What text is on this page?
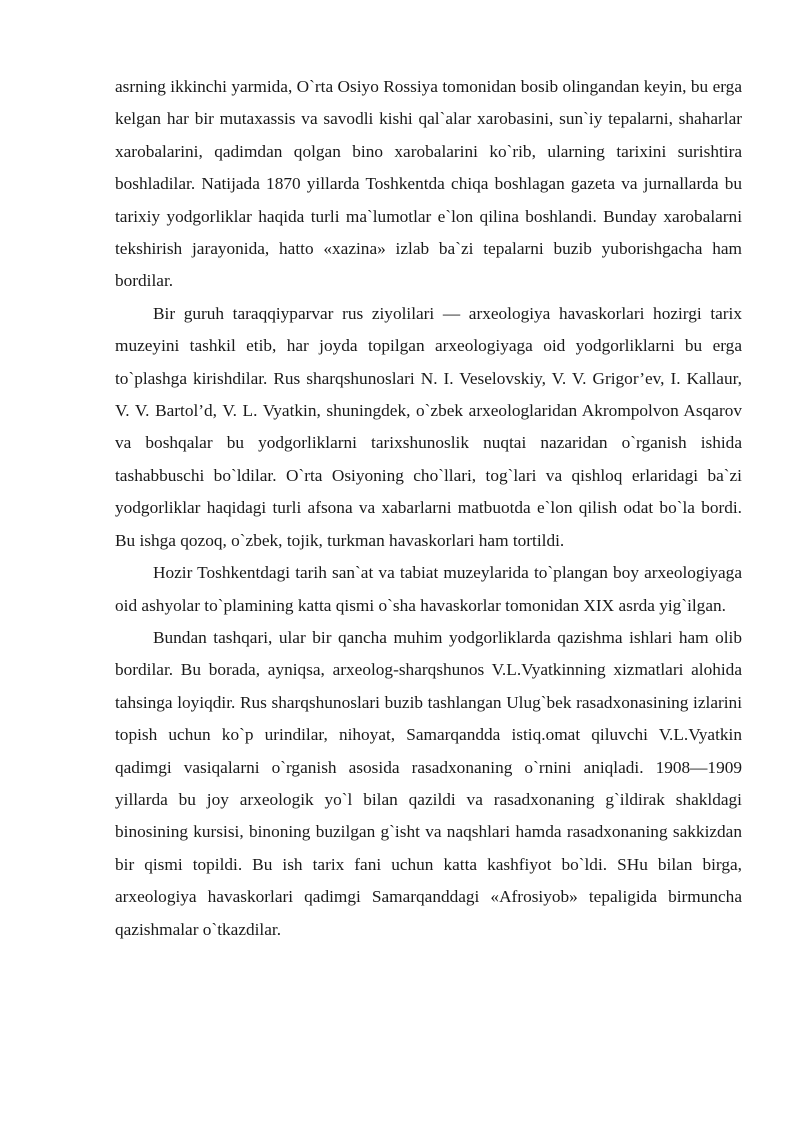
asrning ikkinchi yarmida, O`rta Osiyo Rossiya tomonidan bosib olingandan keyin, bu erga kelgan har bir mutaxassis va savodli kishi qal`alar xarobasini, sun`iy tepalarni, shaharlar xarobalarini, qadimdan qolgan bino xarobalarini ko`rib, ularning tarixini surishtira boshladilar. Natijada 1870 yillarda Toshkentda chiqa boshlagan gazeta va jurnallarda bu tarixiy yodgorliklar haqida turli ma`lumotlar e`lon qilina boshlandi. Bunday xarobalarni tekshirish jarayonida, hatto «xazina» izlab ba`zi tepalarni buzib yuborishgacha ham bordilar.

Bir guruh taraqqiyparvar rus ziyolilari — arxeologiya havaskorlari hozirgi tarix muzeyini tashkil etib, har joyda topilgan arxeologiyaga oid yodgorliklarni bu erga to`plashga kirishdilar. Rus sharqshunoslari N. I. Veselovskiy, V. V. Grigor’ev, I. Kallaur, V. V. Bartol’d, V. L. Vyatkin, shuningdek, o`zbek arxeologlaridan Akrompolvon Asqarov va boshqalar bu yodgorliklarni tarixshunoslik nuqtai nazaridan o`rganish ishida tashabbuschi bo`ldilar. O`rta Osiyoning cho`llari, tog`lari va qishloq erlaridagi ba`zi yodgorliklar haqidagi turli afsona va xabarlarni matbuotda e`lon qilish odat bo`la bordi. Bu ishga qozoq, o`zbek, tojik, turkman havaskorlari ham tortildi.

Hozir Toshkentdagi tarih san`at va tabiat muzeylarida to`plangan boy arxeologiyaga oid ashyolar to`plamining katta qismi o`sha havaskorlar tomonidan XIX asrda yig`ilgan.

Bundan tashqari, ular bir qancha muhim yodgorliklarda qazishma ishlari ham olib bordilar. Bu borada, ayniqsa, arxeolog-sharqshunos V.L.Vyatkinning xizmatlari alohida tahsinga loyiqdir. Rus sharqshunoslari buzib tashlangan Ulug`bek rasadxonasining izlarini topish uchun ko`p urindilar, nihoyat, Samarqandda istiq.omat qiluvchi V.L.Vyatkin qadimgi vasiqalarni o`rganish asosida rasadxonaning o`rnini aniqladi. 1908—1909 yillarda bu joy arxeologik yo`l bilan qazildi va rasadxonaning g`ildirak shakldagi binosining kursisi, binoning buzilgan g`isht va naqshlari hamda rasadxonaning sakkizdan bir qismi topildi. Bu ish tarix fani uchun katta kashfiyot bo`ldi. SHu bilan birga, arxeologiya havaskorlari qadimgi Samarqanddagi «Afrosiyob» tepaligida birmuncha qazishmalar o`tkazdilar.
